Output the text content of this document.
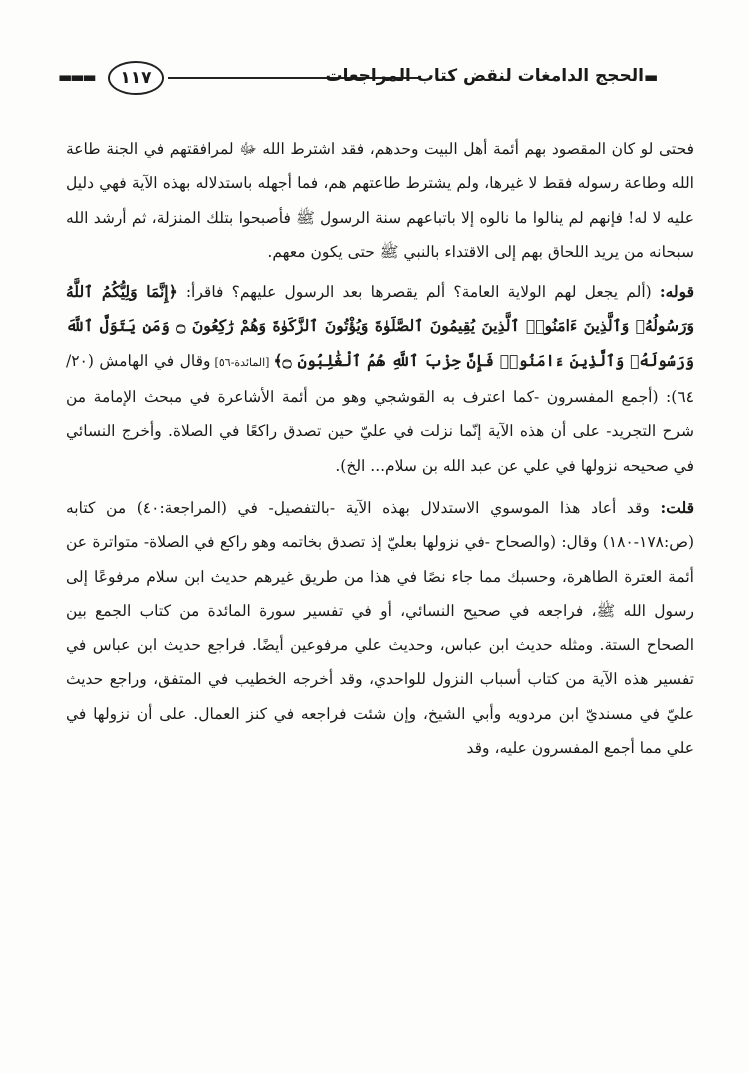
▬▬▬	١١٧	الحجج الدامغات لنقض كتاب المراجعات ▬

فحتى لو كان المقصود بهم أئمة أهل البيت وحدهم، فقد اشترط الله ﷻ لمرافقتهم في الجنة طاعة الله وطاعة رسوله فقط لا غيرها، ولم يشترط طاعتهم هم، فما أجهله باستدلاله بهذه الآية فهي دليل عليه لا له! فإنهم لم ينالوا ما نالوه إلا باتباعهم سنة الرسول ﷺ فأصبحوا بتلك المنزلة، ثم أرشد الله سبحانه من يريد اللحاق بهم إلى الاقتداء بالنبي ﷺ حتى يكون معهم.

قوله: (ألم يجعل لهم الولاية العامة؟ ألم يقصرها بعد الرسول عليهم؟ فاقرأ: ﴿إِنَّمَا وَلِيُّكُمُ ٱللَّهُ وَرَسُولُهُۥ وَٱلَّذِينَ ءَامَنُوا۟ ٱلَّذِينَ يُقِيمُونَ ٱلصَّلَوٰةَ وَيُؤْتُونَ ٱلزَّكَوٰةَ وَهُمْ رَٰكِعُونَ ۝ وَمَن يَتَوَلَّ ٱللَّهَ وَرَسُولَهُۥ وَٱلَّذِينَ ءَامَنُوا۟ فَإِنَّ حِزْبَ ٱللَّهِ هُمُ ٱلْغَٰلِبُونَ ۝﴾ [المائدة-٥٦] وقال في الهامش (٢٠/ ٦٤): (أجمع المفسرون -كما اعترف به القوشجي وهو من أئمة الأشاعرة في مبحث الإمامة من شرح التجريد- على أن هذه الآية إنّما نزلت في عليّ حين تصدق راكعًا في الصلاة. وأخرج النسائي في صحيحه نزولها في علي عن عبد الله بن سلام... الخ).

قلت: وقد أعاد هذا الموسوي الاستدلال بهذه الآية -بالتفصيل- في (المراجعة:٤٠) من كتابه (ص:١٧٨-١٨٠) وقال: (والصحاح -في نزولها بعليّ إذ تصدق بخاتمه وهو راكع في الصلاة- متواترة عن أئمة العترة الطاهرة، وحسبك مما جاء نصًا في هذا من طريق غيرهم حديث ابن سلام مرفوعًا إلى رسول الله ﷺ، فراجعه في صحيح النسائي، أو في تفسير سورة المائدة من كتاب الجمع بين الصحاح الستة. ومثله حديث ابن عباس، وحديث علي مرفوعين أيضًا. فراجع حديث ابن عباس في تفسير هذه الآية من كتاب أسباب النزول للواحدي، وقد أخرجه الخطيب في المتفق، وراجع حديث عليّ في مسنديّ ابن مردويه وأبي الشيخ، وإن شئت فراجعه في كنز العمال. على أن نزولها في علي مما أجمع المفسرون عليه، وقد
